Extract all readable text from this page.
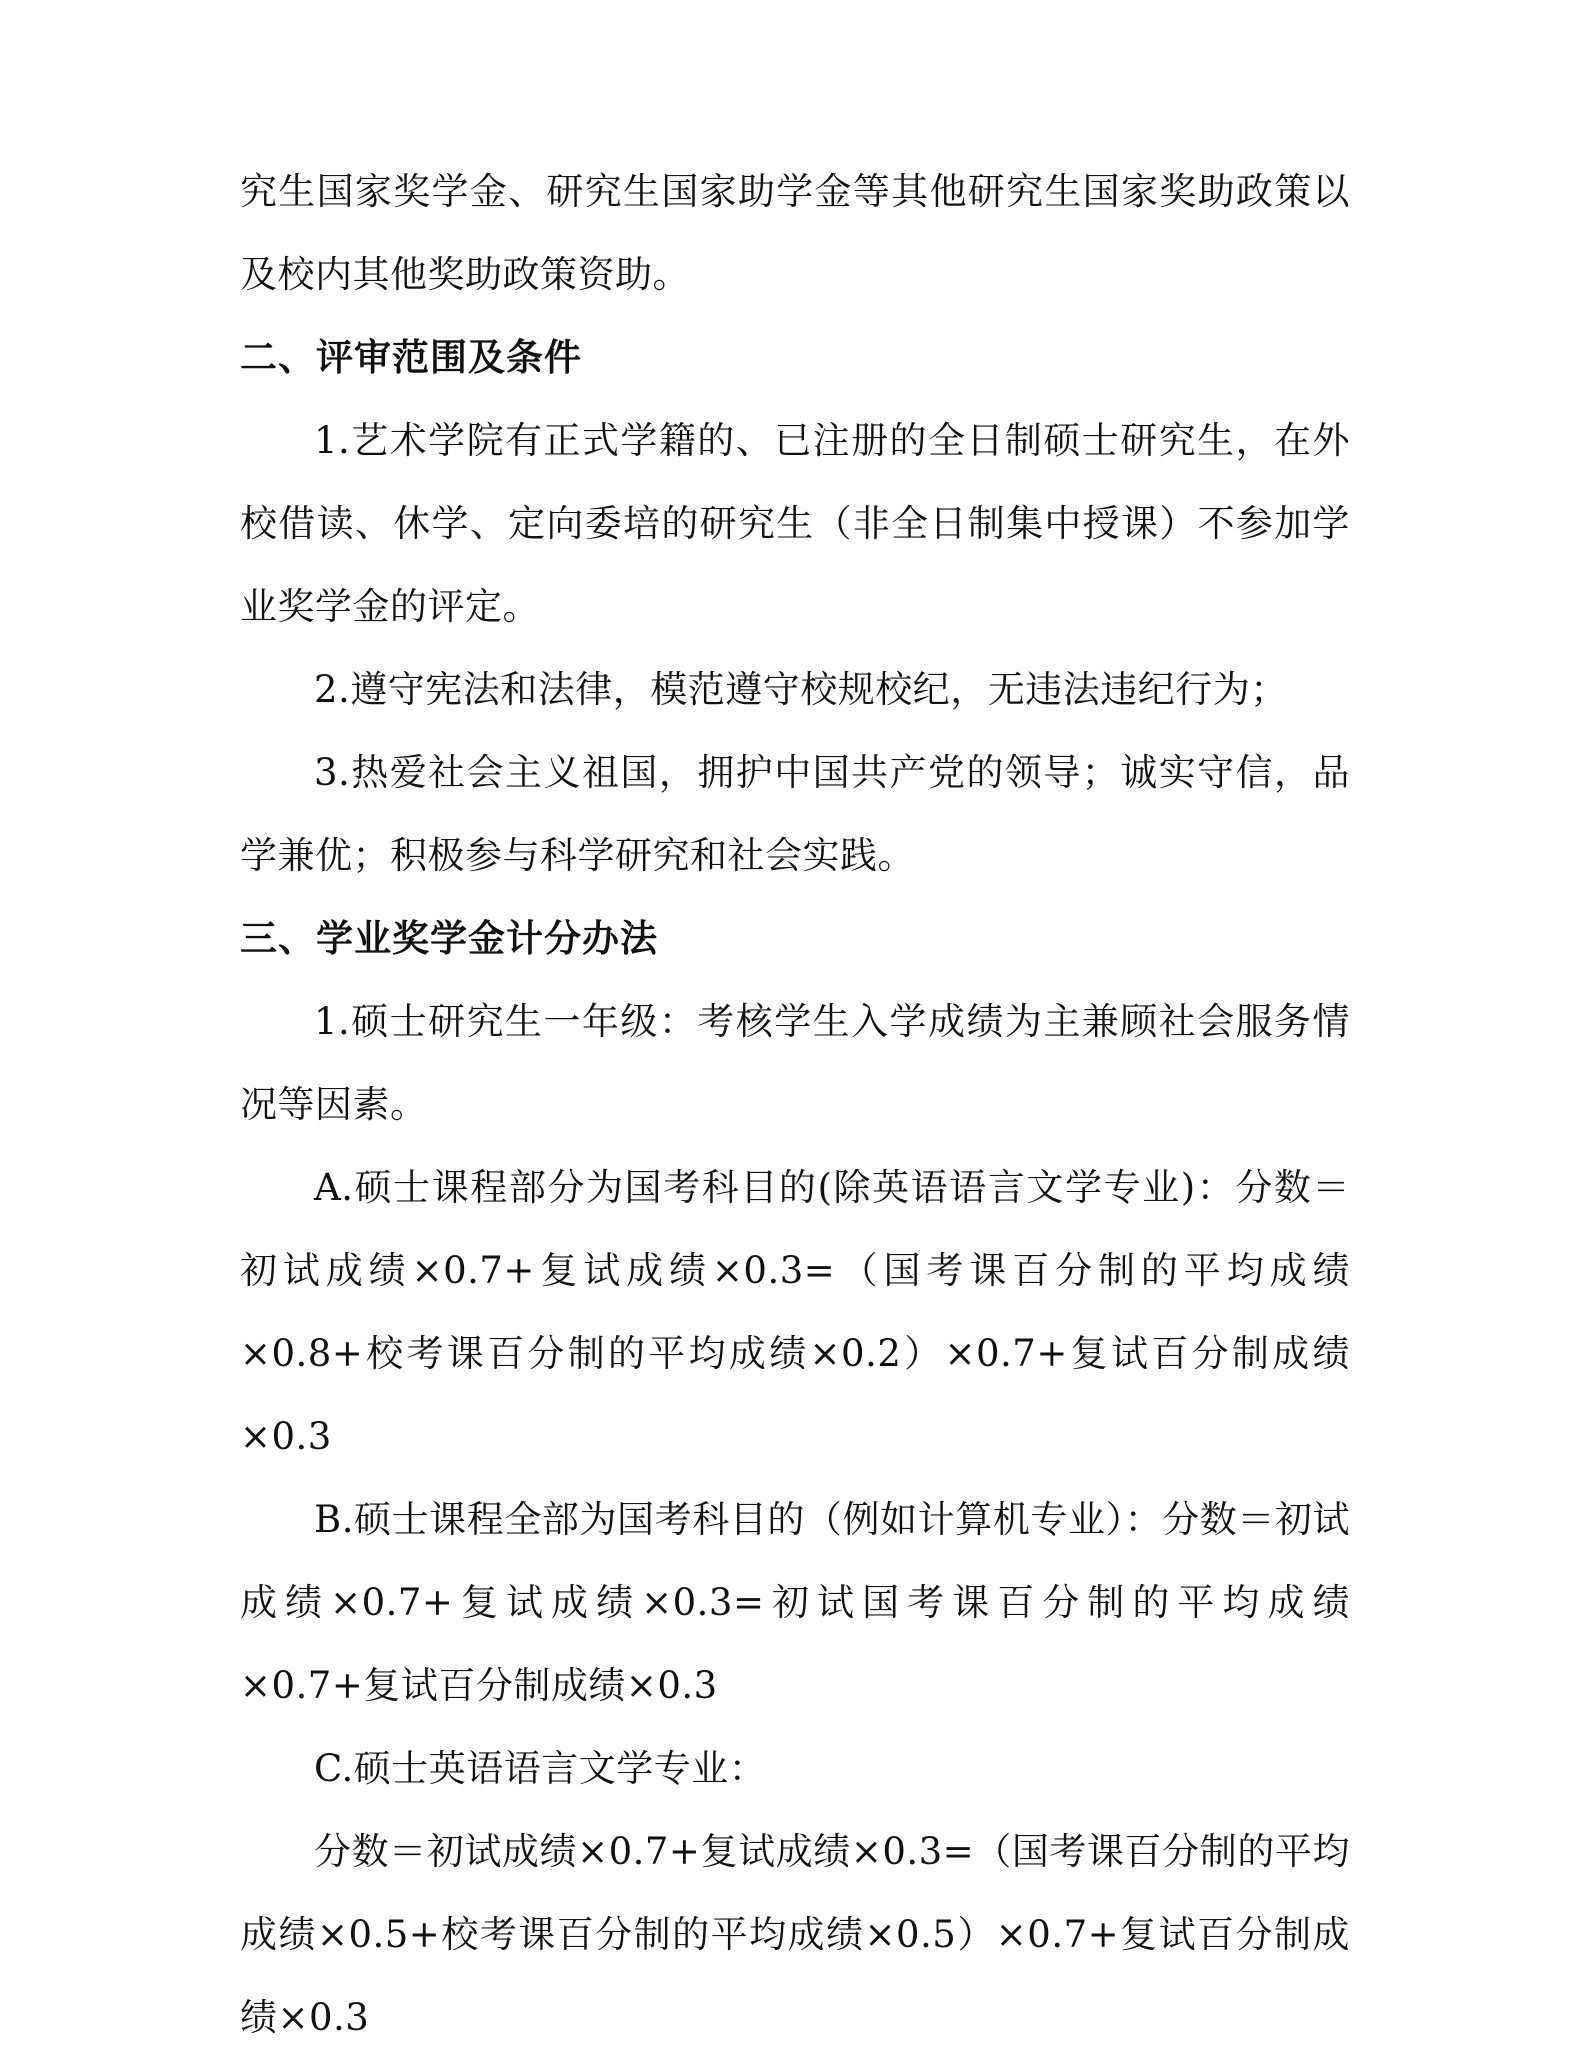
究生国家奖学金、研究生国家助学金等其他研究生国家奖助政策以及校内其他奖助政策资助。

二、评审范围及条件

1.艺术学院有正式学籍的、已注册的全日制硕士研究生，在外校借读、休学、定向委培的研究生（非全日制集中授课）不参加学业奖学金的评定。

2.遵守宪法和法律，模范遵守校规校纪，无违法违纪行为；

3.热爱社会主义祖国，拥护中国共产党的领导；诚实守信，品学兼优；积极参与科学研究和社会实践。

三、学业奖学金计分办法

1.硕士研究生一年级：考核学生入学成绩为主兼顾社会服务情况等因素。

A.硕士课程部分为国考科目的(除英语语言文学专业)：分数＝初试成绩×0.7+复试成绩×0.3=（国考课百分制的平均成绩×0.8+校考课百分制的平均成绩×0.2）×0.7+复试百分制成绩×0.3

B.硕士课程全部为国考科目的（例如计算机专业）：分数＝初试成绩×0.7+复试成绩×0.3=初试国考课百分制的平均成绩×0.7+复试百分制成绩×0.3

C.硕士英语语言文学专业：

分数＝初试成绩×0.7+复试成绩×0.3=（国考课百分制的平均成绩×0.5+校考课百分制的平均成绩×0.5）×0.7+复试百分制成绩×0.3
